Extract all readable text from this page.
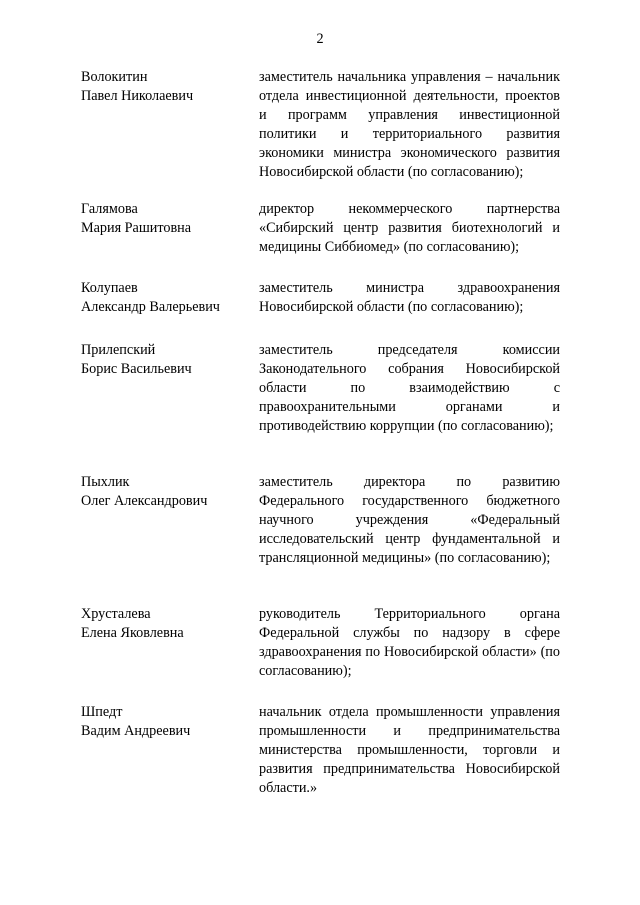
2
Волокитин
Павел Николаевич
заместитель начальника управления – начальник отдела инвестиционной деятельности, проектов и программ управления инвестиционной политики и территориального развития экономики министра экономического развития Новосибирской области (по согласованию);
Галямова
Мария Рашитовна
директор некоммерческого партнерства «Сибирский центр развития биотехнологий и медицины Сиббиомед» (по согласованию);
Колупаев
Александр Валерьевич
заместитель министра здравоохранения Новосибирской области (по согласованию);
Прилепский
Борис Васильевич
заместитель председателя комиссии Законодательного собрания Новосибирской области по взаимодействию с правоохранительными органами и противодействию коррупции (по согласованию);
Пыхлик
Олег Александрович
заместитель директора по развитию Федерального государственного бюджетного научного учреждения «Федеральный исследовательский центр фундаментальной и трансляционной медицины» (по согласованию);
Хрусталева
Елена Яковлевна
руководитель Территориального органа Федеральной службы по надзору в сфере здравоохранения по Новосибирской области» (по согласованию);
Шпедт
Вадим Андреевич
начальник отдела промышленности управления промышленности и предпринимательства министерства промышленности, торговли и развития предпринимательства Новосибирской области.»
